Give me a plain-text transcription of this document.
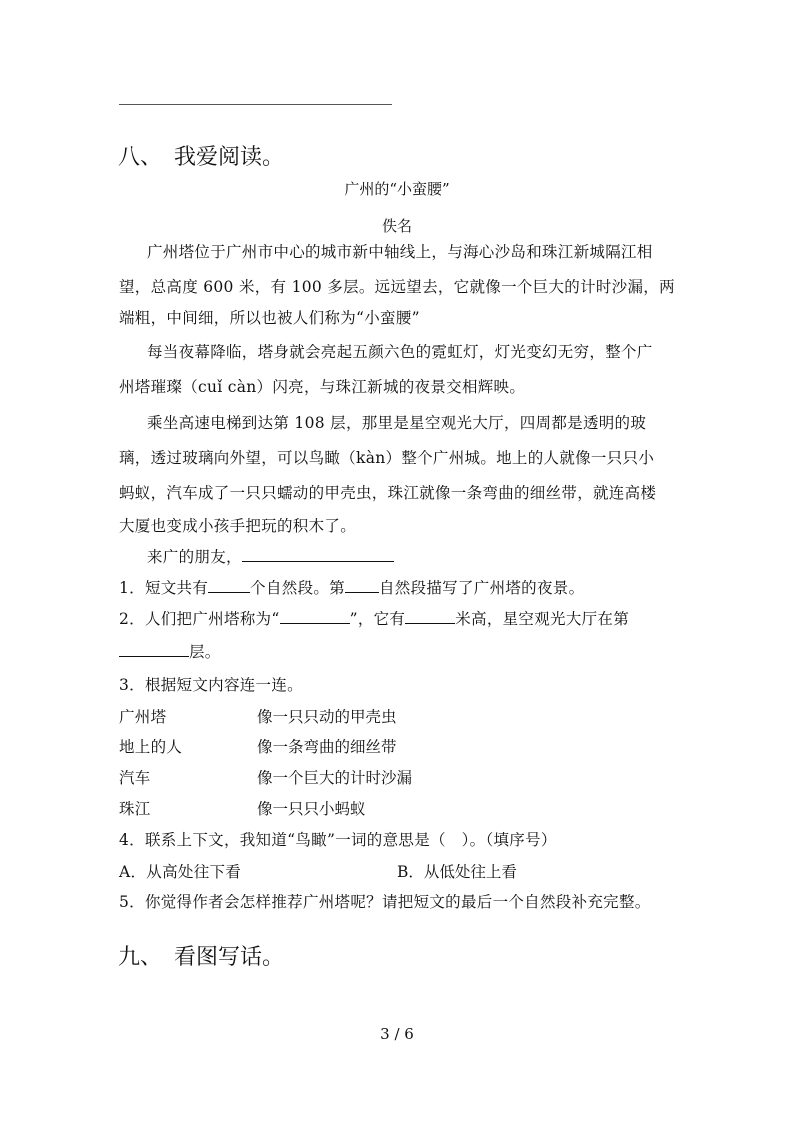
八、 我爱阅读。
广州的“小蛮腰”
佚名
广州塔位于广州市中心的城市新中轴线上，与海心沙岛和珠江新城隔江相
望，总高度 600 米，有 100 多层。远远望去，它就像一个巨大的计时沙漏，两
端粗，中间细，所以也被人们称为“小蛮腰”
每当夜幕降临，塔身就会亮起五颜六色的霓虹灯，灯光变幻无穷，整个广
州塔璀璨（cuǐ càn）闪亮，与珠江新城的夜景交相辉映。
乘坐高速电梯到达第 108 层，那里是星空观光大厅，四周都是透明的玻
璃，透过玻璃向外望，可以鸟瞰（kàn）整个广州城。地上的人就像一只只小
蚂蚁，汽车成了一只只蠕动的甲壳虫，珠江就像一条弯曲的细丝带，就连高楼
大厦也变成小孩手把玩的积木了。
来广的朋友，
1．短文共有	个自然段。第 自然段描写了广州塔的夜景。
2．人们把广州塔称为“	”，它有	米高，星空观光大厅在第
层。
3．根据短文内容连一连。
广州塔	像一只只动的甲壳虫
地上的人	像一条弯曲的细丝带
汽车	像一个巨大的计时沙漏
珠江	像一只只小蚂蚁
4．联系上下文，我知道“鸟瞰”一词的意思是（　）。（填序号）
A．从高处往下看	B．从低处往上看
5．你觉得作者会怎样推荐广州塔呢？请把短文的最后一个自然段补充完整。
九、 看图写话。
3 / 6
